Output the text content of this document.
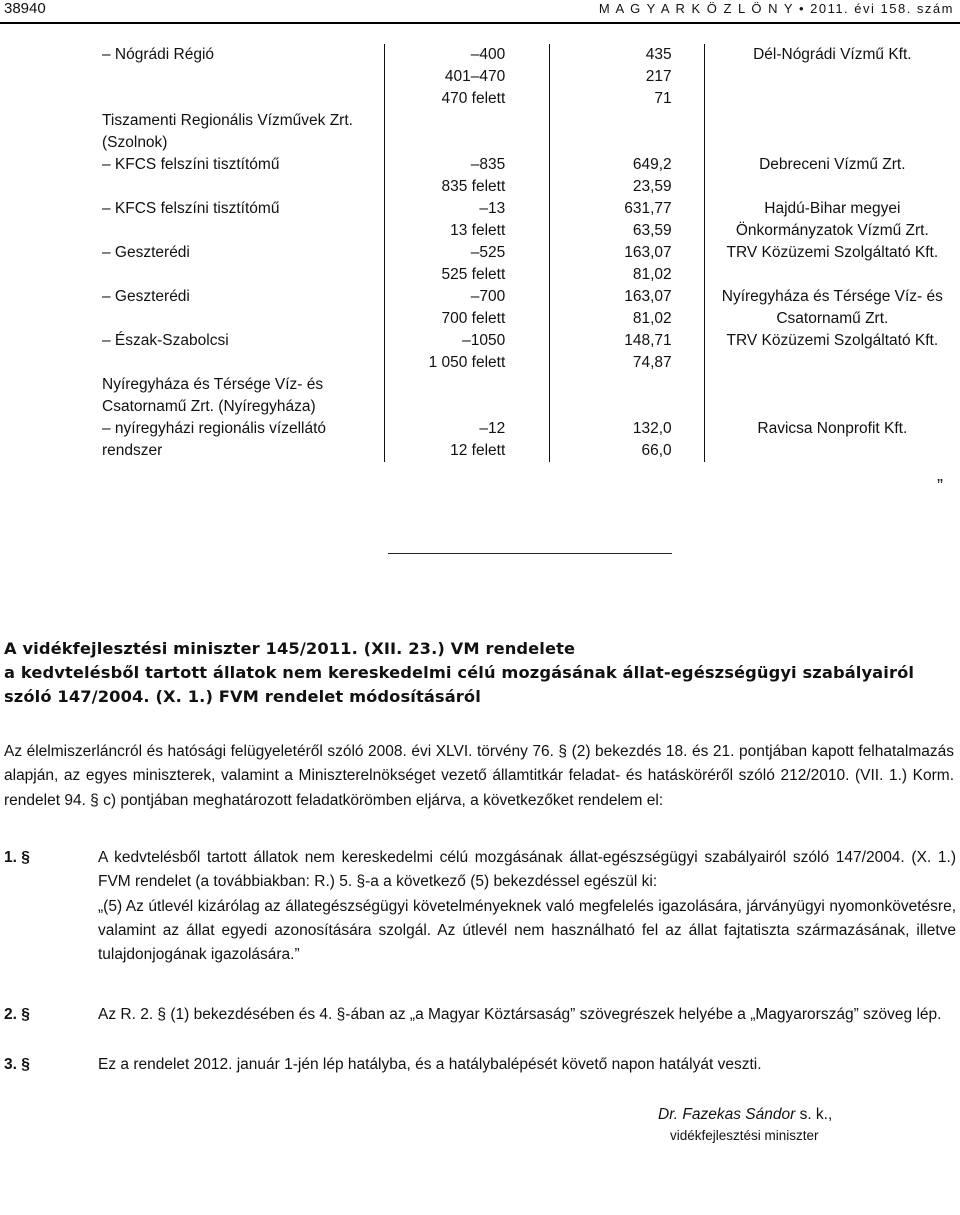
38940	M A G Y A R K Ö Z L Ö N Y • 2011. évi 158. szám
– Nógrádi Régió	–400	435	Dél-Nógrádi Vízmű Kft.
	401–470	217	
	470 felett	71	
Tiszamenti Regionális Vízművek Zrt.			
(Szolnok)			
– KFCS felszíni tisztítómű	–835	649,2	Debreceni Vízmű Zrt.
	835 felett	23,59	
– KFCS felszíni tisztítómű	–13	631,77	Hajdú-Bihar megyei
	13 felett	63,59	Önkormányzatok Vízmű Zrt.
– Geszterédi	–525	163,07	TRV Közüzemi Szolgáltató Kft.
	525 felett	81,02	
– Geszterédi	–700	163,07	Nyíregyháza és Térsége Víz- és
	700 felett	81,02	Csatornamű Zrt.
– Észak-Szabolcsi	–1050	148,71	TRV Közüzemi Szolgáltató Kft.
	1 050 felett	74,87	
Nyíregyháza és Térsége Víz- és			
Csatornamű Zrt. (Nyíregyháza)			
– nyíregyházi regionális vízellátó	–12	132,0	Ravicsa Nonprofit Kft.
rendszer	12 felett	66,0	
”
A vidékfejlesztési miniszter 145/2011. (XII. 23.) VM rendelete
a kedvtelésből tartott állatok nem kereskedelmi célú mozgásának állat-egészségügyi szabályairól szóló 147/2004. (X. 1.) FVM rendelet módosításáról
Az élelmiszerláncról és hatósági felügyeletéről szóló 2008. évi XLVI. törvény 76. § (2) bekezdés 18. és 21. pontjában kapott felhatalmazás alapján, az egyes miniszterek, valamint a Miniszterelnökséget vezető államtitkár feladat- és hatásköréről szóló 212/2010. (VII. 1.) Korm. rendelet 94. § c) pontjában meghatározott feladatkörömben eljárva, a következőket rendelem el:
1. §	A kedvtelésből tartott állatok nem kereskedelmi célú mozgásának állat-egészségügyi szabályairól szóló 147/2004. (X. 1.) FVM rendelet (a továbbiakban: R.) 5. §-a a következő (5) bekezdéssel egészül ki:

„(5) Az útlevél kizárólag az állategészségügyi követelményeknek való megfelelés igazolására, járványügyi nyomonkövetésre, valamint az állat egyedi azonosítására szolgál. Az útlevél nem használható fel az állat fajtatiszta származásának, illetve tulajdonjogának igazolására.”

2. §	Az R. 2. § (1) bekezdésében és 4. §-ában az „a Magyar Köztársaság” szövegrészek helyébe a „Magyarország” szöveg lép.

3. §	Ez a rendelet 2012. január 1-jén lép hatályba, és a hatálybalépését követő napon hatályát veszti.

Dr. Fazekas Sándor s. k.,
vidékfejlesztési miniszter
